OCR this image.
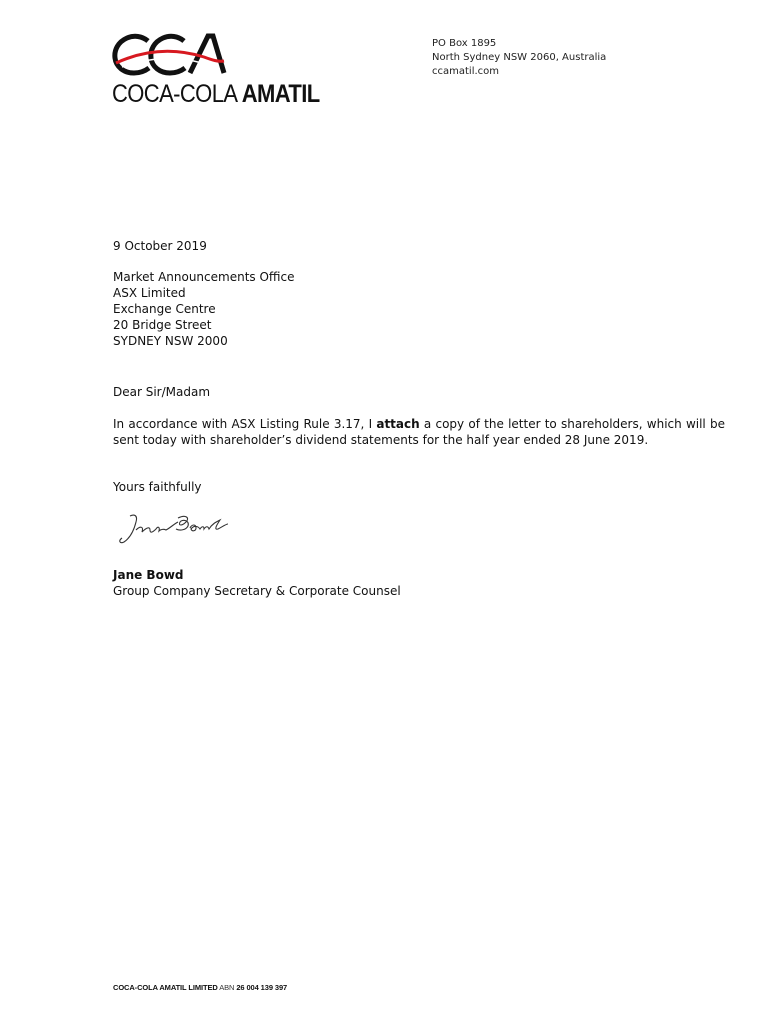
COCA-COLA AMATIL
PO Box 1895
North Sydney NSW 2060, Australia
ccamatil.com
9 October 2019
Market Announcements Office
ASX Limited
Exchange Centre
20 Bridge Street
SYDNEY NSW 2000
Dear Sir/Madam
In accordance with ASX Listing Rule 3.17, I attach a copy of the letter to shareholders, which will be sent today with shareholder’s dividend statements for the half year ended 28 June 2019.
Yours faithfully
Jane Bowd
Group Company Secretary & Corporate Counsel
COCA-COLA AMATIL LIMITED ABN 26 004 139 397
